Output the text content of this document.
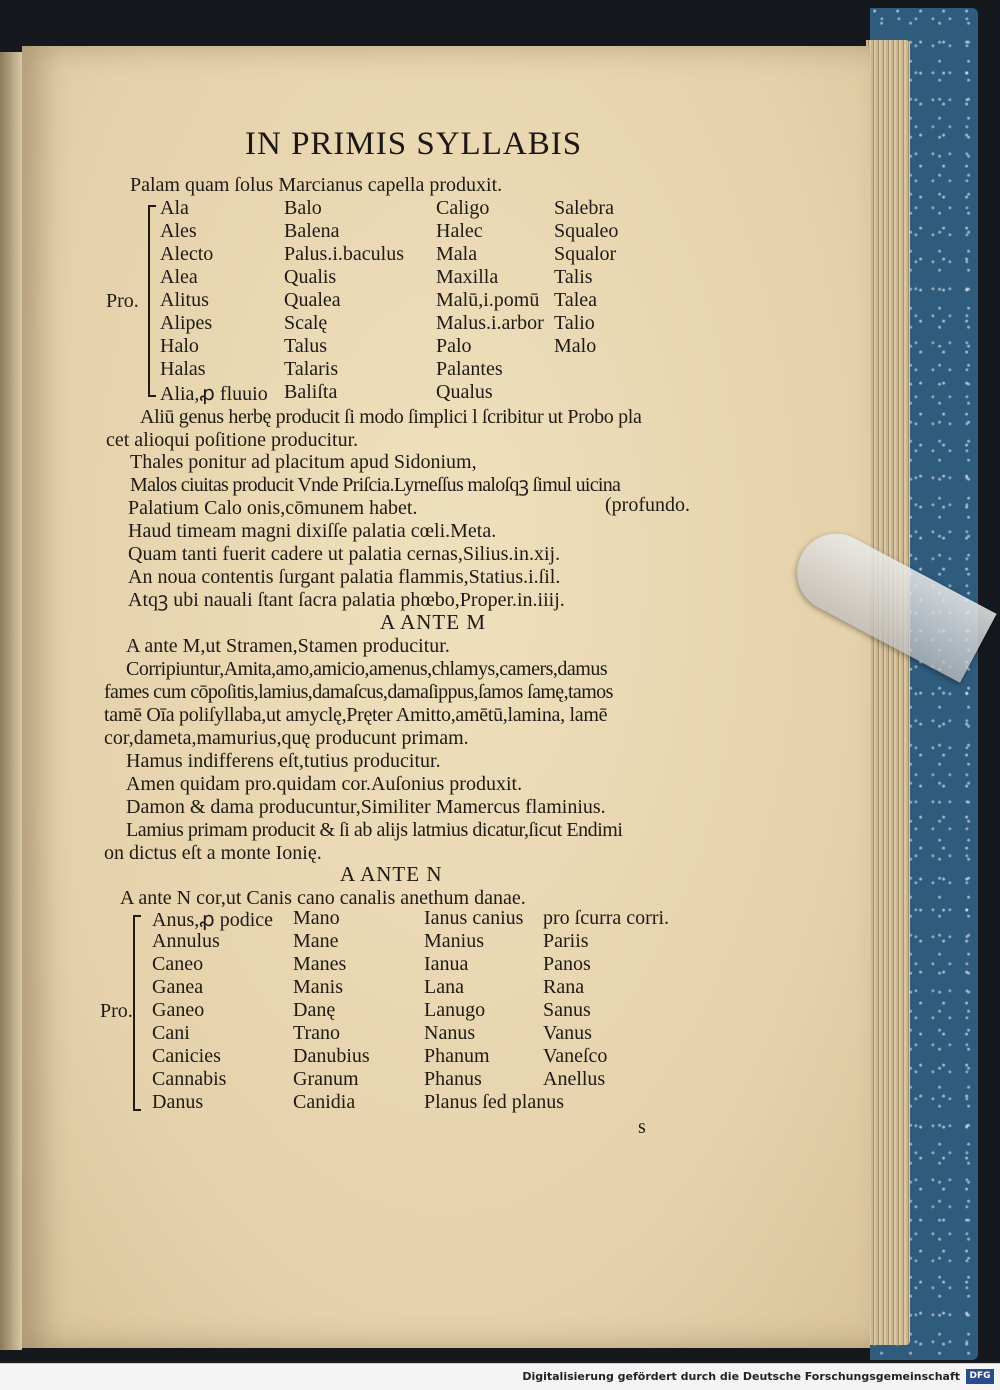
IN PRIMIS SYLLABIS
Palam quam ſolus Marcianus capella produxit.
Pro.
Ala
Ales
Alecto
Alea
Alitus
Alipes
Halo
Halas
Alia,ꝓ fluuio
Balo
Balena
Palus.i.baculus
Qualis
Qualea
Scalę
Talus
Talaris
Baliſta
Caligo
Halec
Mala
Maxilla
Malū,i.pomū
Malus.i.arbor
Palo
Palantes
Qualus
Salebra
Squaleo
Squalor
Talis
Talea
Talio
Malo
Aliū genus herbę producit ſi modo ſimplici l ſcribitur ut Probo pla
cet alioqui poſitione producitur.
Thales ponitur ad placitum apud Sidonium,
Malos ciuitas producit Vnde Priſcia.Lyrneſſus maloſqꝫ ſimul uicina
Palatium Calo onis,cōmunem habet.	(profundo.
Haud timeam magni dixiſſe palatia cœli.Meta.
Quam tanti fuerit cadere ut palatia cernas,Silius.in.xij.
An noua contentis ſurgant palatia flammis,Statius.i.ſil.
Atqꝫ ubi nauali ſtant ſacra palatia phœbo,Proper.in.iiij.
A ANTE M
A ante M,ut Stramen,Stamen producitur.
Corripiuntur,Amita,amo,amicio,amenus,chlamys,camers,damus
fames cum cōpoſitis,lamius,damaſcus,damaſippus,ſamos ſamę,tamos
tamē Oīa poliſyllaba,ut amyclę,Pręter Amitto,amētū,lamina, lamē
cor,dameta,mamurius,quę producunt primam.
Hamus indifferens eſt,tutius producitur.
Amen quidam pro.quidam cor.Auſonius produxit.
Damon & dama producuntur,Similiter Mamercus flaminius.
Lamius primam producit & ſi ab alijs latmius dicatur,ſicut Endimi
on dictus eſt a monte Ionię.
A ANTE N
A ante N cor,ut Canis cano canalis anethum danae.
Pro.
Anus,ꝓ podice
Annulus
Caneo
Ganea
Ganeo
Cani
Canicies
Cannabis
Danus
Mano
Mane
Manes
Manis
Danę
Trano
Danubius
Granum
Canidia
Ianus canius
Manius
Ianua
Lana
Lanugo
Nanus
Phanum
Phanus
Planus ſed planus
pro ſcurra corri.
Pariis
Panos
Rana
Sanus
Vanus
Vaneſco
Anellus
s
Digitalisierung gefördert durch die Deutsche Forschungsgemeinschaft	DFG
